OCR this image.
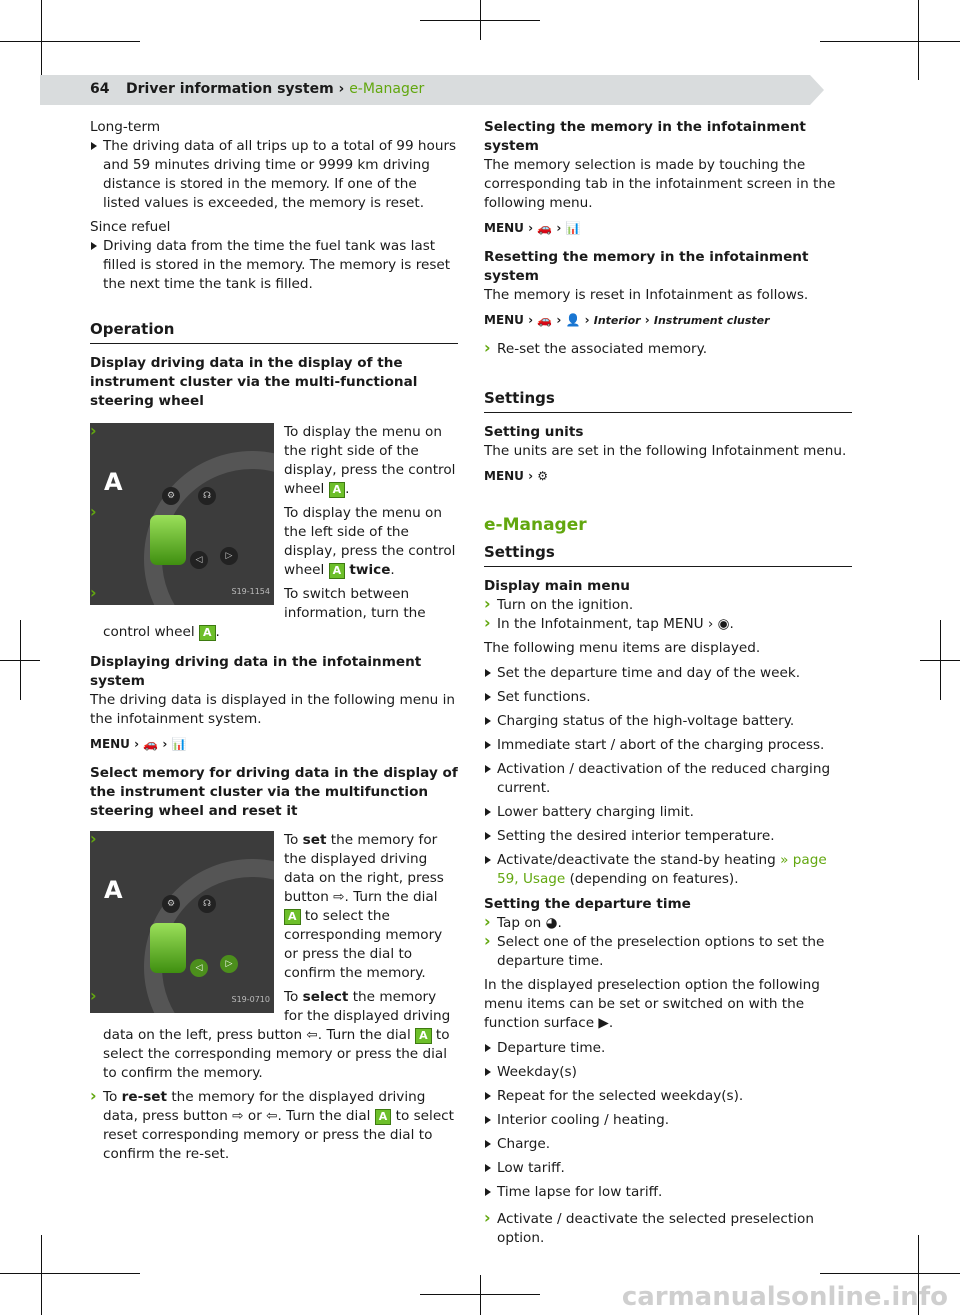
64 Driver information system › e-Manager

Long-term

The driving data of all trips up to a total of 99 hours and 59 minutes driving time or 9999 km driving distance is stored in the memory. If one of the listed values is exceeded, the memory is reset.

Since refuel

Driving data from the time the fuel tank was last filled is stored in the memory. The memory is reset the next time the tank is filled.
Operation

Display driving data in the display of the instrument cluster via the multi-functional steering wheel

⚙	☊
◁	▷
A
S19-1154
› To display the menu on the right side of the display, press the control wheel A .
› To display the menu on the left side of the display, press the control wheel A twice.
› To switch between information, turn the control wheel A .

Displaying driving data in the infotainment system

The driving data is displayed in the following menu in the infotainment system.

MENU › 🚗 › 📊

Select memory for driving data in the display of the instrument cluster via the multifunction steering wheel and reset it

⚙	☊
◁	▷
A
S19-0710
› To set the memory for the displayed driving data on the right, press button ⇨. Turn the dial A to select the corresponding memory or press the dial to confirm the memory.
› To select the memory for the displayed driving data on the left, press button ⇦. Turn the dial A to select the corresponding memory or press the dial to confirm the memory.
› To re-set the memory for the displayed driving data, press button ⇨ or ⇦. Turn the dial A to select reset corresponding memory or press the dial to confirm the re-set.

Selecting the memory in the infotainment system

The memory selection is made by touching the corresponding tab in the infotainment screen in the following menu.

MENU › 🚗 › 📊

Resetting the memory in the infotainment system

The memory is reset in Infotainment as follows.

MENU › 🚗 › 👤 › Interior › Instrument cluster
› Re-set the associated memory.
Settings

Setting units

The units are set in the following Infotainment menu.

MENU › ⚙
e-Manager
Settings

Display main menu

› Turn on the ignition.
› In the Infotainment, tap MENU › ◉.

The following menu items are displayed.

Set the departure time and day of the week.
Set functions.
Charging status of the high-voltage battery.
Immediate start / abort of the charging process.
Activation / deactivation of the reduced charging current.
Lower battery charging limit.
Setting the desired interior temperature.
Activate/deactivate the stand-by heating » page 59, Usage (depending on features).

Setting the departure time

› Tap on ◕.
› Select one of the preselection options to set the departure time.

In the displayed preselection option the following menu items can be set or switched on with the function surface ▶.

Departure time.
Weekday(s)
Repeat for the selected weekday(s).
Interior cooling / heating.
Charge.
Low tariff.
Time lapse for low tariff.
› Activate / deactivate the selected preselection option.
carmanualsonline.info
